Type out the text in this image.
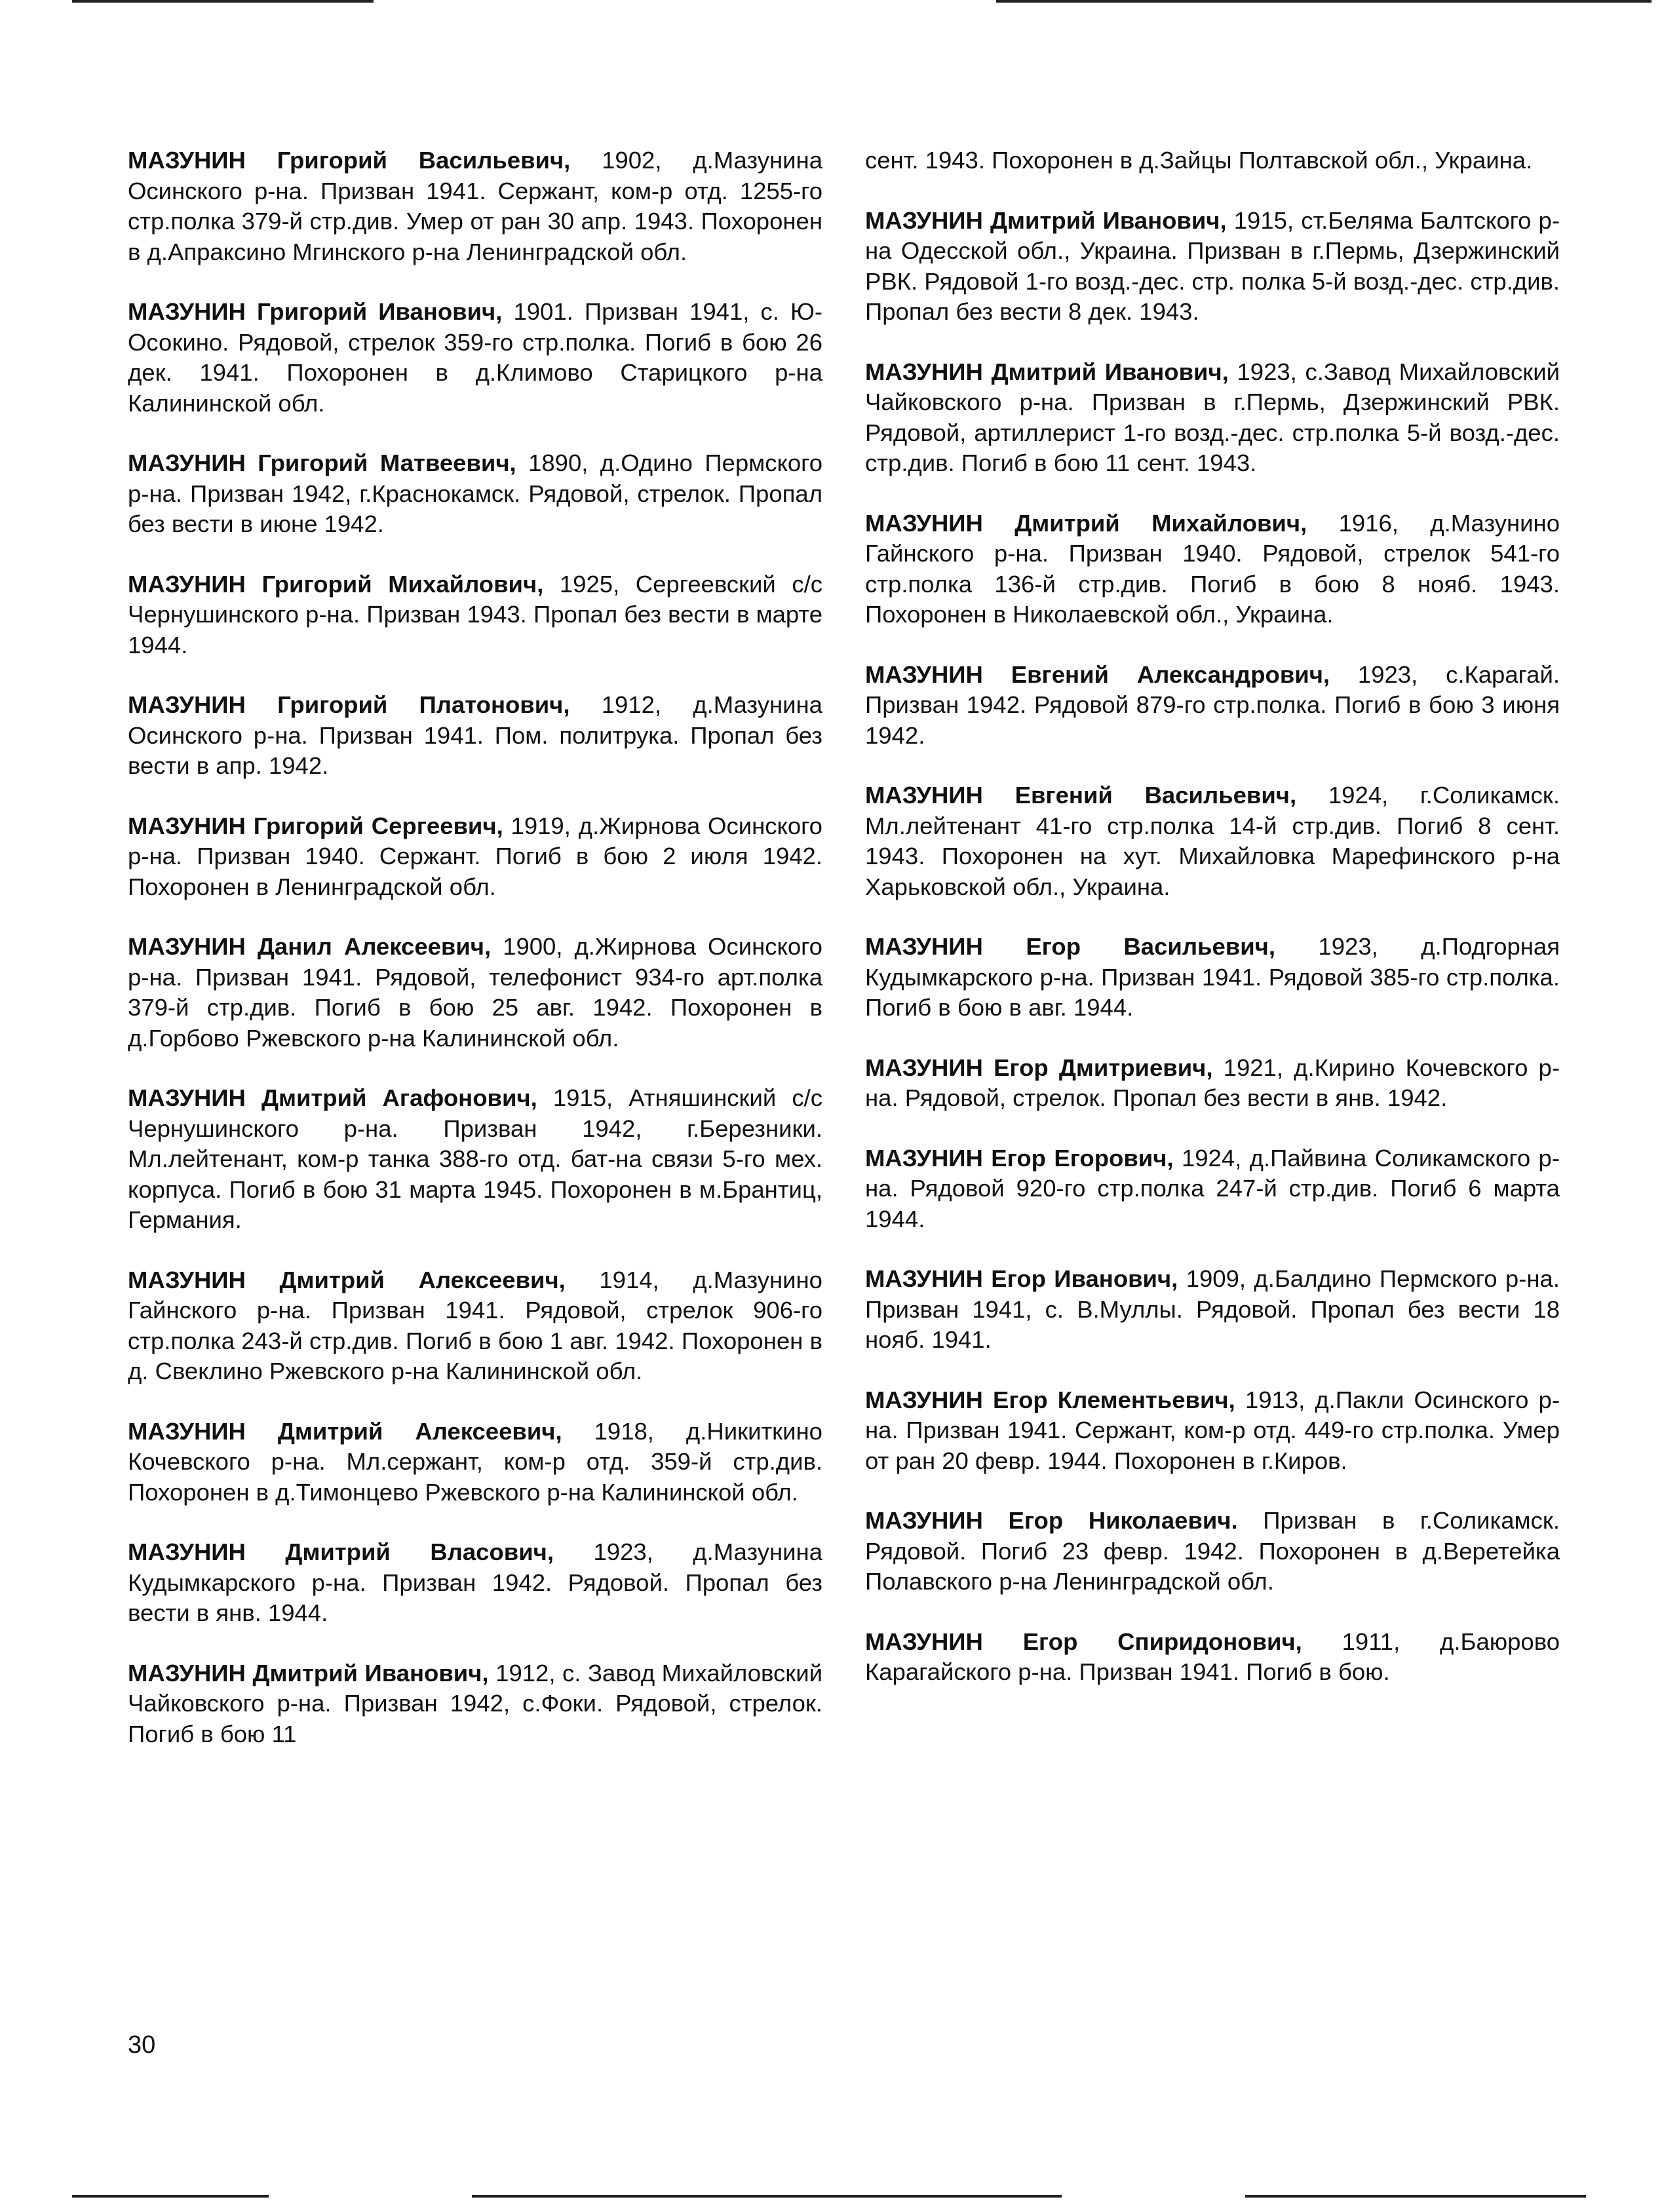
МАЗУНИН Григорий Васильевич, 1902, д.Мазунина Осинского р-на. Призван 1941. Сержант, ком-р отд. 1255-го стр.полка 379-й стр.див. Умер от ран 30 апр. 1943. Похоронен в д.Апраксино Мгинского р-на Ленинградской обл.

МАЗУНИН Григорий Иванович, 1901. Призван 1941, с. Ю-Осокино. Рядовой, стрелок 359-го стр.полка. Погиб в бою 26 дек. 1941. Похоронен в д.Климово Старицкого р-на Калининской обл.

МАЗУНИН Григорий Матвеевич, 1890, д.Одино Пермского р-на. Призван 1942, г.Краснокамск. Рядовой, стрелок. Пропал без вести в июне 1942.

МАЗУНИН Григорий Михайлович, 1925, Сергеевский с/с Чернушинского р-на. Призван 1943. Пропал без вести в марте 1944.

МАЗУНИН Григорий Платонович, 1912, д.Мазунина Осинского р-на. Призван 1941. Пом. политрука. Пропал без вести в апр. 1942.

МАЗУНИН Григорий Сергеевич, 1919, д.Жирнова Осинского р-на. Призван 1940. Сержант. Погиб в бою 2 июля 1942. Похоронен в Ленинградской обл.

МАЗУНИН Данил Алексеевич, 1900, д.Жирнова Осинского р-на. Призван 1941. Рядовой, телефонист 934-го арт.полка 379-й стр.див. Погиб в бою 25 авг. 1942. Похоронен в д.Горбово Ржевского р-на Калининской обл.

МАЗУНИН Дмитрий Агафонович, 1915, Атняшинский с/с Чернушинского р-на. Призван 1942, г.Березники. Мл.лейтенант, ком-р танка 388-го отд. бат-на связи 5-го мех. корпуса. Погиб в бою 31 марта 1945. Похоронен в м.Брантиц, Германия.

МАЗУНИН Дмитрий Алексеевич, 1914, д.Мазунино Гайнского р-на. Призван 1941. Рядовой, стрелок 906-го стр.полка 243-й стр.див. Погиб в бою 1 авг. 1942. Похоронен в д. Свеклино Ржевского р-на Калининской обл.

МАЗУНИН Дмитрий Алексеевич, 1918, д.Никиткино Кочевского р-на. Мл.сержант, ком-р отд. 359-й стр.див. Похоронен в д.Тимонцево Ржевского р-на Калининской обл.

МАЗУНИН Дмитрий Власович, 1923, д.Мазунина Кудымкарского р-на. Призван 1942. Рядовой. Пропал без вести в янв. 1944.

МАЗУНИН Дмитрий Иванович, 1912, с. Завод Михайловский Чайковского р-на. Призван 1942, с.Фоки. Рядовой, стрелок. Погиб в бою 11

сент. 1943. Похоронен в д.Зайцы Полтавской обл., Украина.

МАЗУНИН Дмитрий Иванович, 1915, ст.Беляма Балтского р-на Одесской обл., Украина. Призван в г.Пермь, Дзержинский РВК. Рядовой 1-го возд.-дес. стр. полка 5-й возд.-дес. стр.див. Пропал без вести 8 дек. 1943.

МАЗУНИН Дмитрий Иванович, 1923, с.Завод Михайловский Чайковского р-на. Призван в г.Пермь, Дзержинский РВК. Рядовой, артиллерист 1-го возд.-дес. стр.полка 5-й возд.-дес. стр.див. Погиб в бою 11 сент. 1943.

МАЗУНИН Дмитрий Михайлович, 1916, д.Мазунино Гайнского р-на. Призван 1940. Рядовой, стрелок 541-го стр.полка 136-й стр.див. Погиб в бою 8 нояб. 1943. Похоронен в Николаевской обл., Украина.

МАЗУНИН Евгений Александрович, 1923, с.Карагай. Призван 1942. Рядовой 879-го стр.полка. Погиб в бою 3 июня 1942.

МАЗУНИН Евгений Васильевич, 1924, г.Соликамск. Мл.лейтенант 41-го стр.полка 14-й стр.див. Погиб 8 сент. 1943. Похоронен на хут. Михайловка Марефинского р-на Харьковской обл., Украина.

МАЗУНИН Егор Васильевич, 1923, д.Подгорная Кудымкарского р-на. Призван 1941. Рядовой 385-го стр.полка. Погиб в бою в авг. 1944.

МАЗУНИН Егор Дмитриевич, 1921, д.Кирино Кочевского р-на. Рядовой, стрелок. Пропал без вести в янв. 1942.

МАЗУНИН Егор Егорович, 1924, д.Пайвина Соликамского р-на. Рядовой 920-го стр.полка 247-й стр.див. Погиб 6 марта 1944.

МАЗУНИН Егор Иванович, 1909, д.Балдино Пермского р-на. Призван 1941, с. В.Муллы. Рядовой. Пропал без вести 18 нояб. 1941.

МАЗУНИН Егор Клементьевич, 1913, д.Пакли Осинского р-на. Призван 1941. Сержант, ком-р отд. 449-го стр.полка. Умер от ран 20 февр. 1944. Похоронен в г.Киров.

МАЗУНИН Егор Николаевич. Призван в г.Соликамск. Рядовой. Погиб 23 февр. 1942. Похоронен в д.Веретейка Полавского р-на Ленинградской обл.

МАЗУНИН Егор Спиридонович, 1911, д.Баюрово Карагайского р-на. Призван 1941. Погиб в бою.

30
